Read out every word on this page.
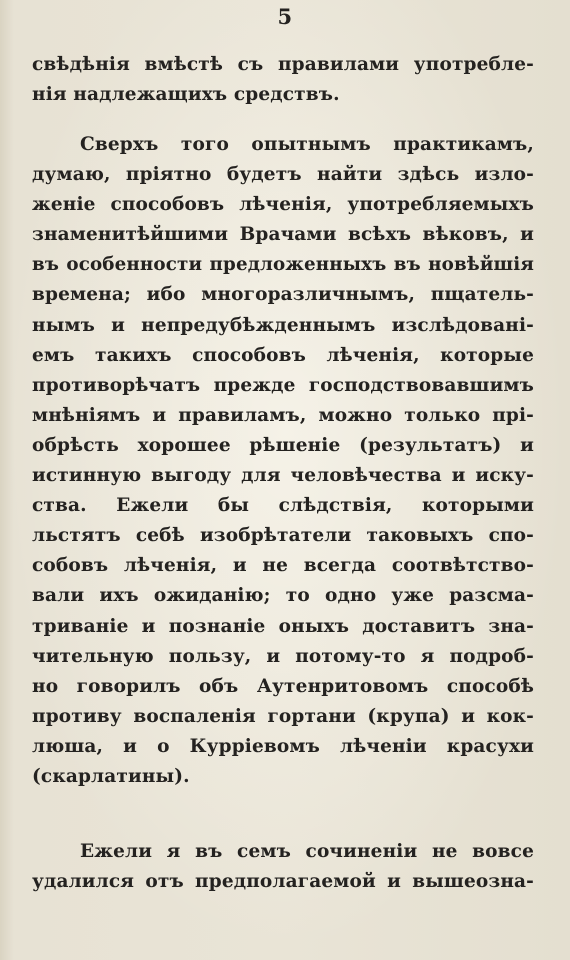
5
свѣдѣнія вмѣстѣ съ правилами употребле-
нія надлежащихъ средствъ.
Сверхъ того опытнымъ практикамъ,
думаю, пріятно будетъ найти здѣсь изло-
женіе способовъ лѣченія, употребляемыхъ
знаменитѣйшими Врачами всѣхъ вѣковъ, и
въ особенности предложенныхъ въ новѣйшія
времена; ибо многоразличнымъ, пщатель-
нымъ и непредубѣжденнымъ изслѣдовані-
емъ такихъ способовъ лѣченія, которые
противорѣчатъ прежде господствовавшимъ
мнѣніямъ и правиламъ, можно только прі-
обрѣсть хорошее рѣшеніе (результатъ) и
истинную выгоду для человѣчества и иску-
ства. Ежели бы слѣдствія, которыми
льстятъ себѣ изобрѣтатели таковыхъ спо-
собовъ лѣченія, и не всегда соотвѣтство-
вали ихъ ожиданію; то одно уже разсма-
триваніе и познаніе оныхъ доставитъ зна-
чительную пользу, и потому-то я подроб-
но говорилъ объ Аутенритовомъ способѣ
противу воспаленія гортани (крупа) и кок-
люша, и о Курріевомъ лѣченіи красухи
(скарлатины).
Ежели я въ семъ сочиненіи не вовсе
удалился отъ предполагаемой и вышеозна-
